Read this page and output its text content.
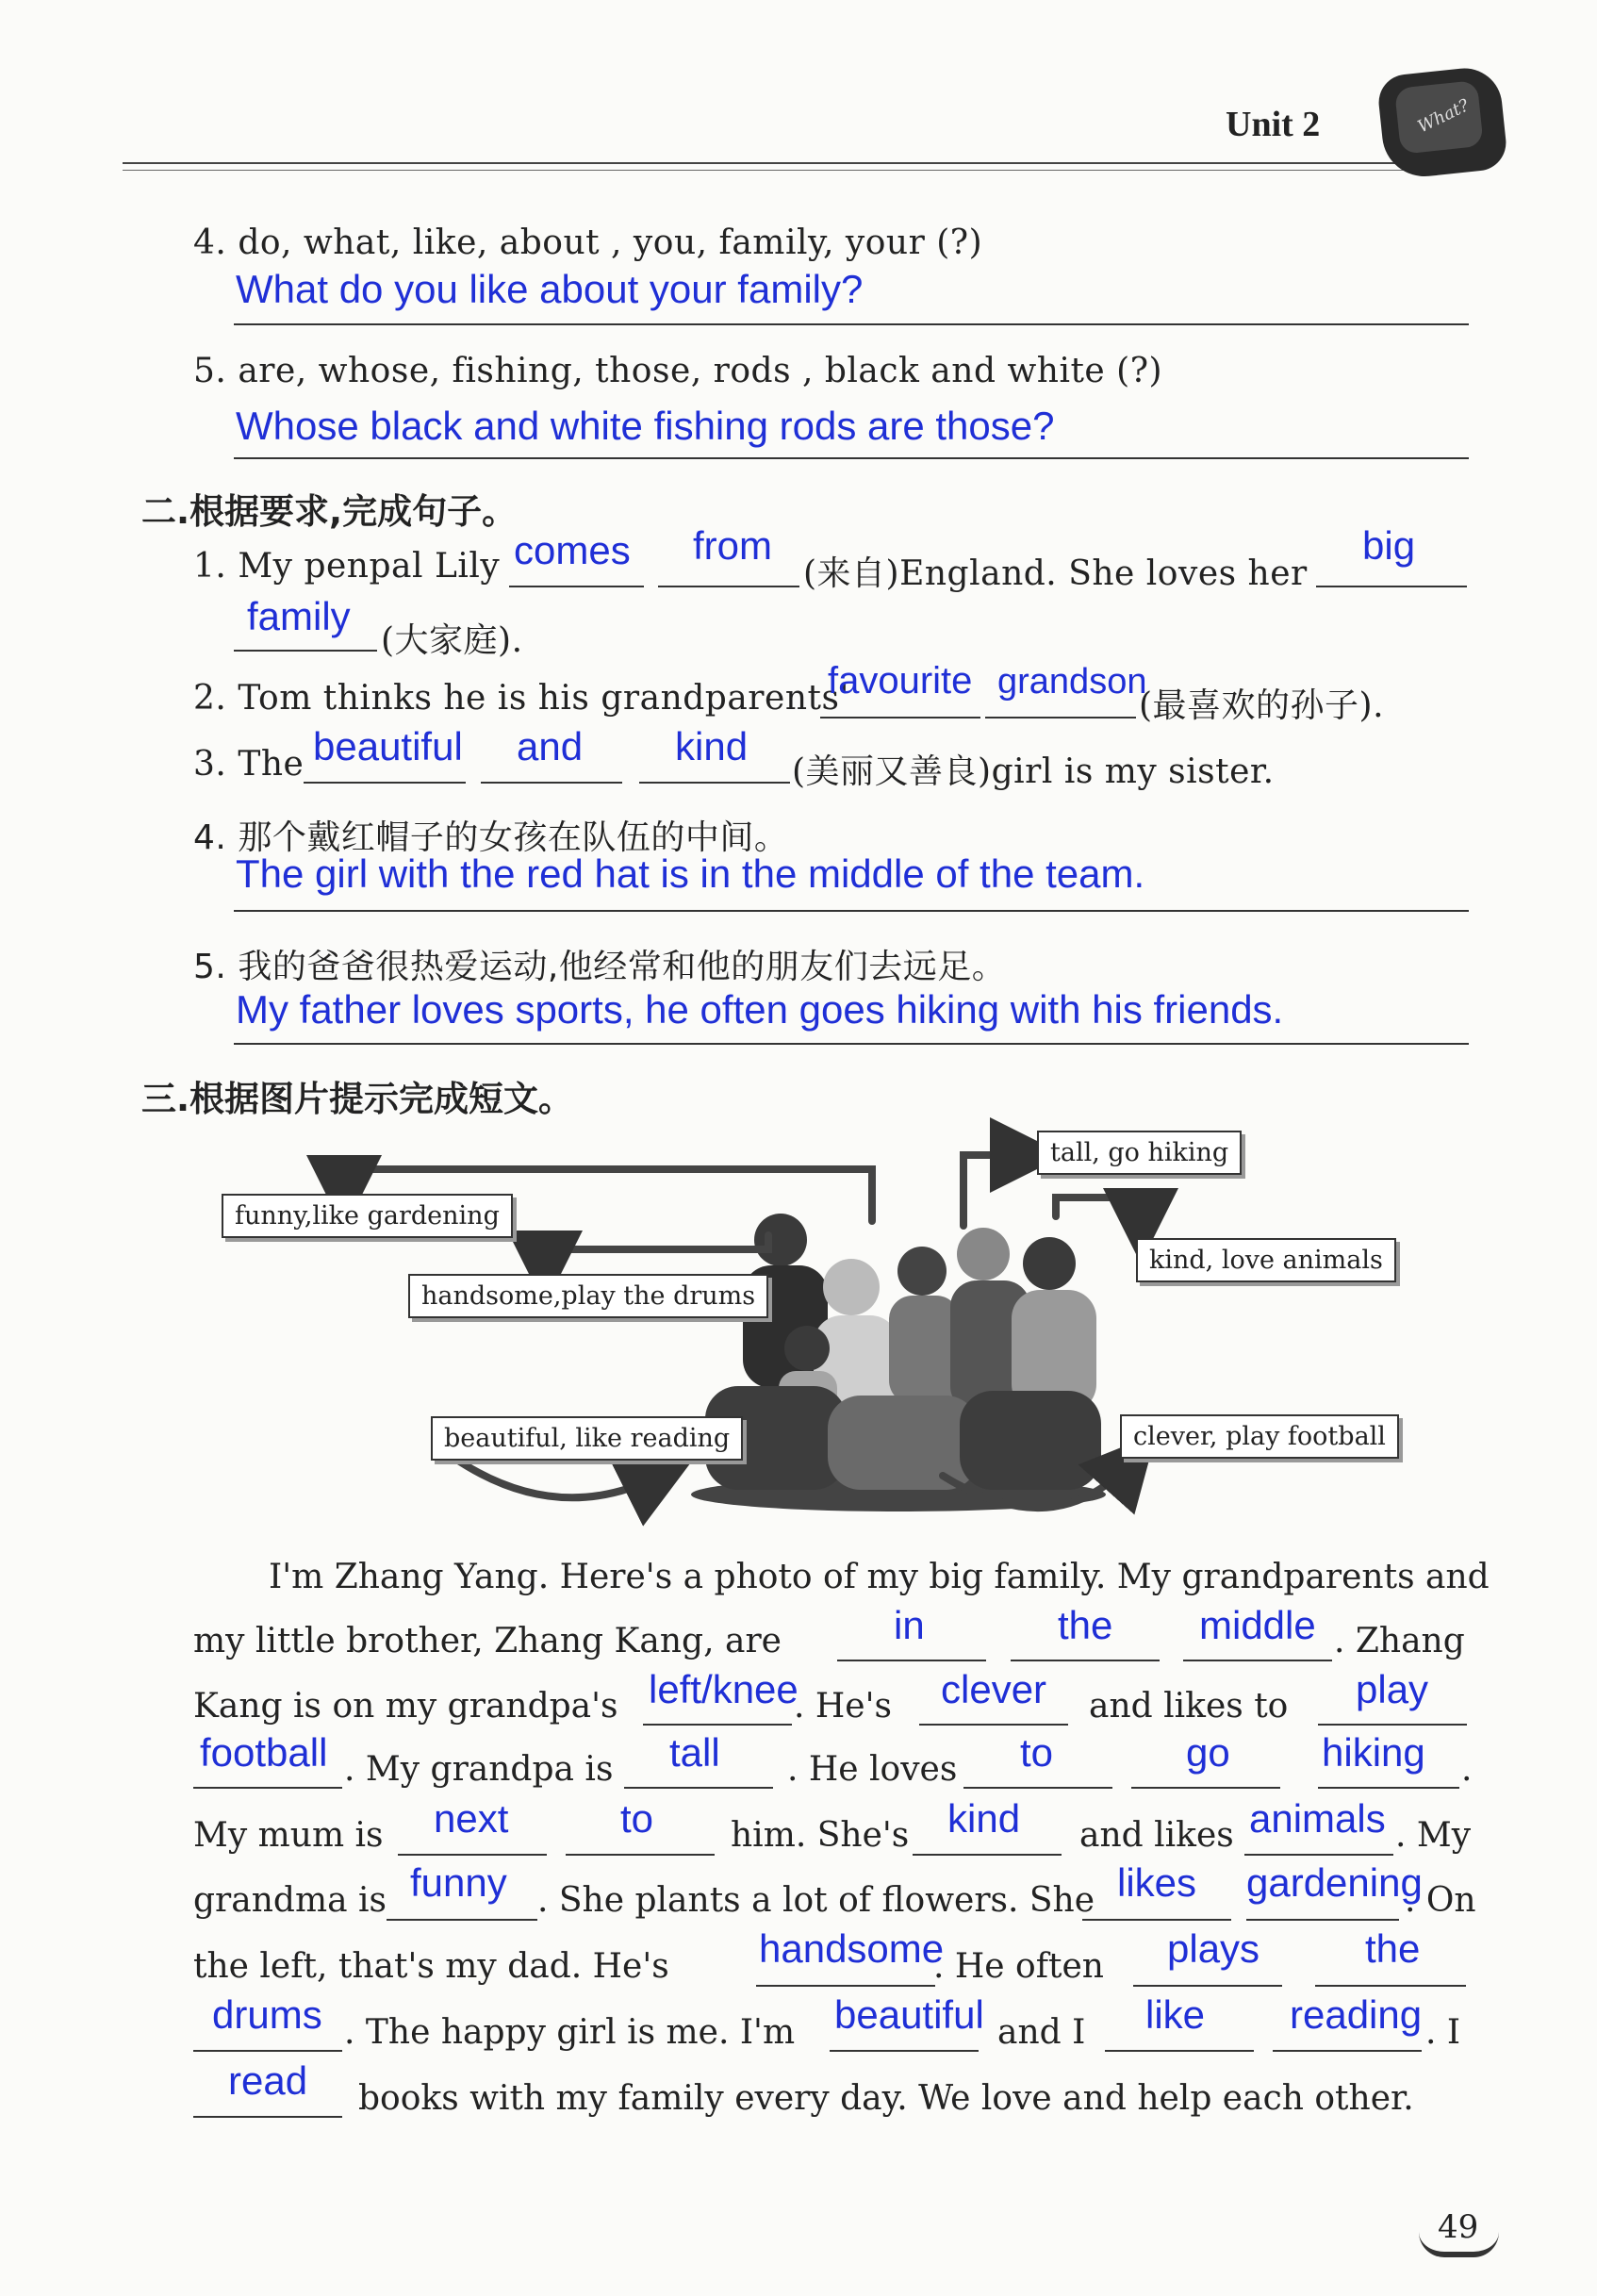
Unit 2	What?
4. do, what, like, about , you, family, your (?)
What do you like about your family?
5. are, whose, fishing, those, rods , black and white (?)
Whose black and white fishing rods are those?
二.根据要求,完成句子。
1. My penpal Lily comes from
(来自)England. She loves her
big
family
(大家庭).
2. Tom thinks he is his grandparents'
favourite grandson
(最喜欢的孙子).
3. The beautiful and kind
(美丽又善良)girl is my sister.
4. 那个戴红帽子的女孩在队伍的中间。
The girl with the red hat is in the middle of the team.
5. 我的爸爸很热爱运动,他经常和他的朋友们去远足。
My father loves sports, he often goes hiking with his friends.
三.根据图片提示完成短文。
funny,like gardening
handsome,play the drums
beautiful, like reading
tall, go hiking
kind, love animals
clever, play football
I'm Zhang Yang. Here's a photo of my big family. My grandparents and
my little brother, Zhang Kang, are	in	the middle . Zhang
Kang is on my grandpa's left/knee
. He's clever and likes to play
football . My grandpa is tall . He loves to	go hiking .
My mum is next	to him. She's kind and likes animals . My
grandma is funny . She plants a lot of flowers. She likes gardening
. On
the left, that's my dad. He's handsome
. He often plays	the
drums . The happy girl is me. I'm beautiful and I like reading . I
read books with my family every day. We love and help each other.
49
